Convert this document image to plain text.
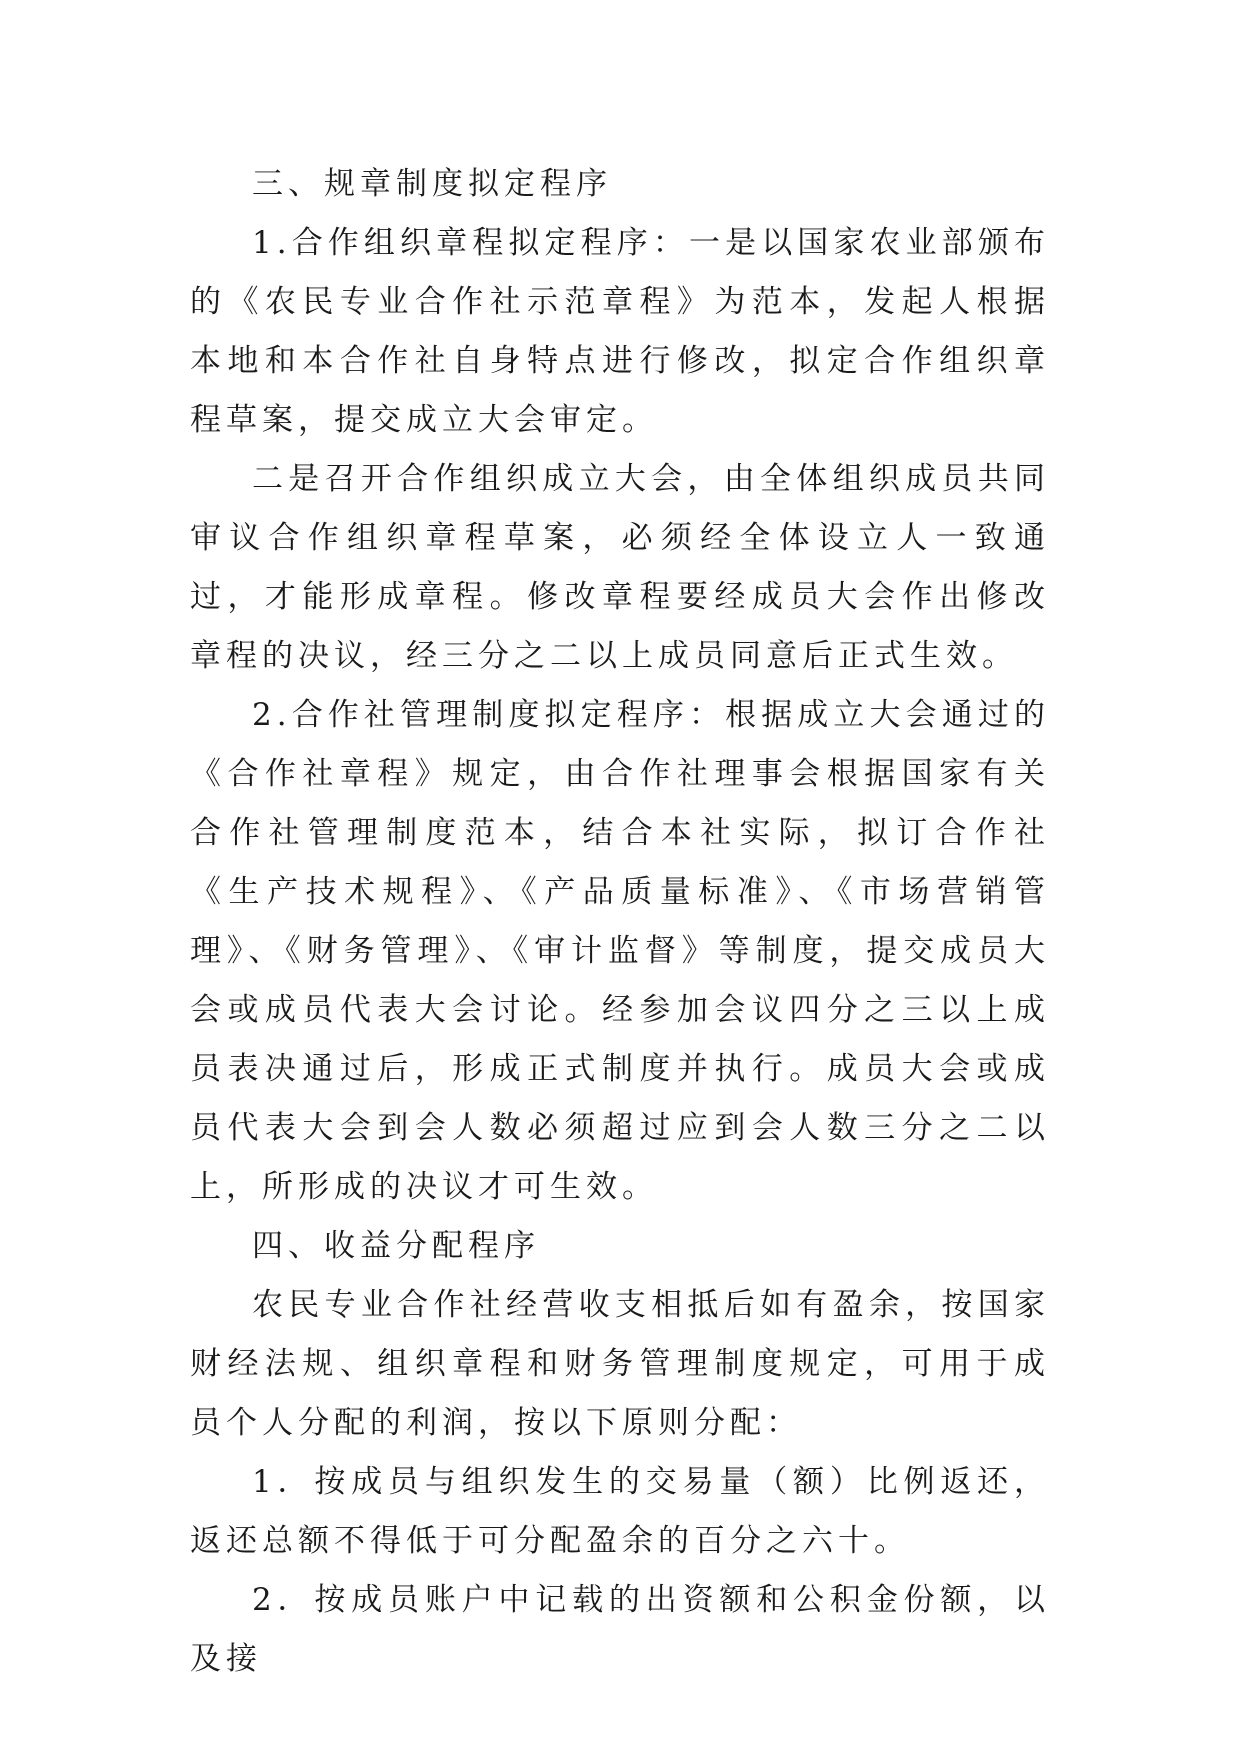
三、规章制度拟定程序

1.合作组织章程拟定程序：一是以国家农业部颁布的《农民专业合作社示范章程》为范本，发起人根据本地和本合作社自身特点进行修改，拟定合作组织章程草案，提交成立大会审定。

二是召开合作组织成立大会，由全体组织成员共同审议合作组织章程草案，必须经全体设立人一致通过，才能形成章程。修改章程要经成员大会作出修改章程的决议，经三分之二以上成员同意后正式生效。

2.合作社管理制度拟定程序：根据成立大会通过的《合作社章程》规定，由合作社理事会根据国家有关合作社管理制度范本，结合本社实际，拟订合作社《生产技术规程》、《产品质量标准》、《市场营销管理》、《财务管理》、《审计监督》等制度，提交成员大会或成员代表大会讨论。经参加会议四分之三以上成员表决通过后，形成正式制度并执行。成员大会或成员代表大会到会人数必须超过应到会人数三分之二以上，所形成的决议才可生效。

四、收益分配程序

农民专业合作社经营收支相抵后如有盈余，按国家财经法规、组织章程和财务管理制度规定，可用于成员个人分配的利润，按以下原则分配：

1．按成员与组织发生的交易量（额）比例返还，返还总额不得低于可分配盈余的百分之六十。

2．按成员账户中记载的出资额和公积金份额，以及接
